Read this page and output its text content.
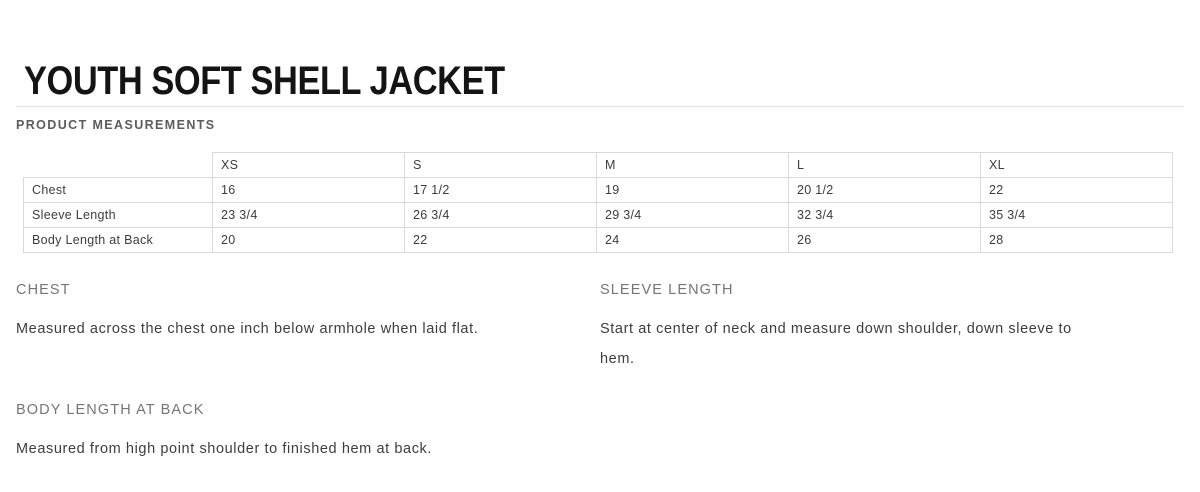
YOUTH SOFT SHELL JACKET
PRODUCT MEASUREMENTS
	XS	S	M	L	XL
Chest	16	17 1/2	19	20 1/2	22
Sleeve Length	23 3/4	26 3/4	29 3/4	32 3/4	35 3/4
Body Length at Back	20	22	24	26	28
CHEST

Measured across the chest one inch below armhole when laid flat.

SLEEVE LENGTH

Start at center of neck and measure down shoulder, down sleeve to hem.

BODY LENGTH AT BACK

Measured from high point shoulder to finished hem at back.
